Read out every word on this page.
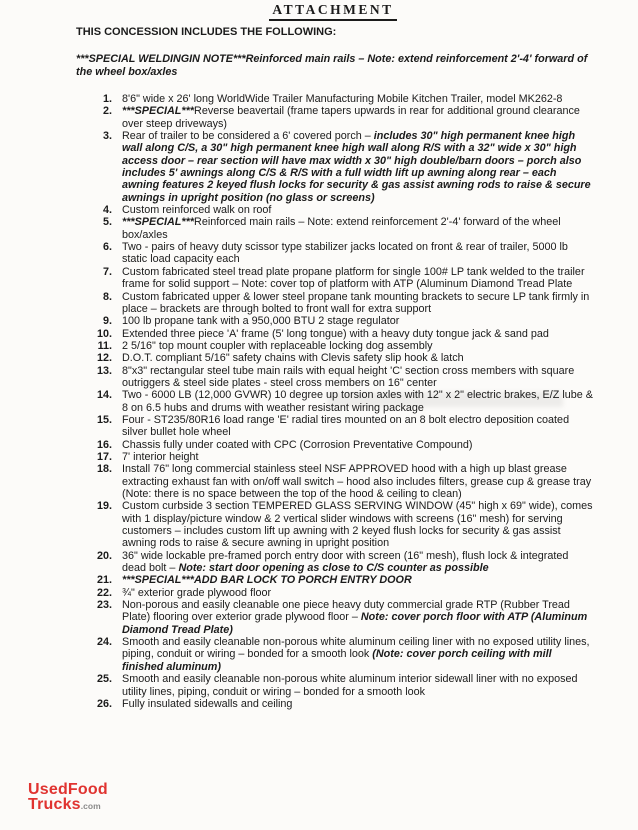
ATTACHMENT

THIS CONCESSION INCLUDES THE FOLLOWING:

***SPECIAL WELDINGIN NOTE***Reinforced main rails – Note: extend reinforcement 2'-4' forward of the wheel box/axles

1. 8'6" wide x 26' long WorldWide Trailer Manufacturing Mobile Kitchen Trailer, model MK262-8
2. ***SPECIAL***Reverse beavertail (frame tapers upwards in rear for additional ground clearance over steep driveways)
3. Rear of trailer to be considered a 6' covered porch – includes 30" high permanent knee high wall along C/S, a 30" high permanent knee high wall along R/S with a 32" wide x 30" high access door – rear section will have max width x 30" high double/barn doors – porch also includes 5' awnings along C/S & R/S with a full width lift up awning along rear – each awning features 2 keyed flush locks for security & gas assist awning rods to raise & secure awnings in upright position (no glass or screens)
4. Custom reinforced walk on roof
5. ***SPECIAL***Reinforced main rails – Note: extend reinforcement 2'-4' forward of the wheel box/axles
6. Two - pairs of heavy duty scissor type stabilizer jacks located on front & rear of trailer, 5000 lb static load capacity each
7. Custom fabricated steel tread plate propane platform for single 100# LP tank welded to the trailer frame for solid support – Note: cover top of platform with ATP (Aluminum Diamond Tread Plate
8. Custom fabricated upper & lower steel propane tank mounting brackets to secure LP tank firmly in place – brackets are through bolted to front wall for extra support
9. 100 lb propane tank with a 950,000 BTU 2 stage regulator
10. Extended three piece 'A' frame (5' long tongue) with a heavy duty tongue jack & sand pad
11. 2 5/16" top mount coupler with replaceable locking dog assembly
12. D.O.T. compliant 5/16" safety chains with Clevis safety slip hook & latch
13. 8"x3" rectangular steel tube main rails with equal height 'C' section cross members with square outriggers & steel side plates - steel cross members on 16" center
14. Two - 6000 LB (12,000 GVWR) 10 degree up torsion axles with 12" x 2" electric brakes, E/Z lube & 8 on 6.5 hubs and drums with weather resistant wiring package
15. Four - ST235/80R16 load range 'E' radial tires mounted on an 8 bolt electro deposition coated silver bullet hole wheel
16. Chassis fully under coated with CPC (Corrosion Preventative Compound)
17. 7' interior height
18. Install 76" long commercial stainless steel NSF APPROVED hood with a high up blast grease extracting exhaust fan with on/off wall switch – hood also includes filters, grease cup & grease tray (Note: there is no space between the top of the hood & ceiling to clean)
19. Custom curbside 3 section TEMPERED GLASS SERVING WINDOW (45" high x 69" wide), comes with 1 display/picture window & 2 vertical slider windows with screens (16" mesh) for serving customers – includes custom lift up awning with 2 keyed flush locks for security & gas assist awning rods to raise & secure awning in upright position
20. 36" wide lockable pre-framed porch entry door with screen (16" mesh), flush lock & integrated dead bolt – Note: start door opening as close to C/S counter as possible
21. ***SPECIAL***ADD BAR LOCK TO PORCH ENTRY DOOR
22. ¾" exterior grade plywood floor
23. Non-porous and easily cleanable one piece heavy duty commercial grade RTP (Rubber Tread Plate) flooring over exterior grade plywood floor – Note: cover porch floor with ATP (Aluminum Diamond Tread Plate)
24. Smooth and easily cleanable non-porous white aluminum ceiling liner with no exposed utility lines, piping, conduit or wiring – bonded for a smooth look (Note: cover porch ceiling with mill finished aluminum)
25. Smooth and easily cleanable non-porous white aluminum interior sidewall liner with no exposed utility lines, piping, conduit or wiring – bonded for a smooth look
26. Fully insulated sidewalls and ceiling
UsedFood
Trucks.com
